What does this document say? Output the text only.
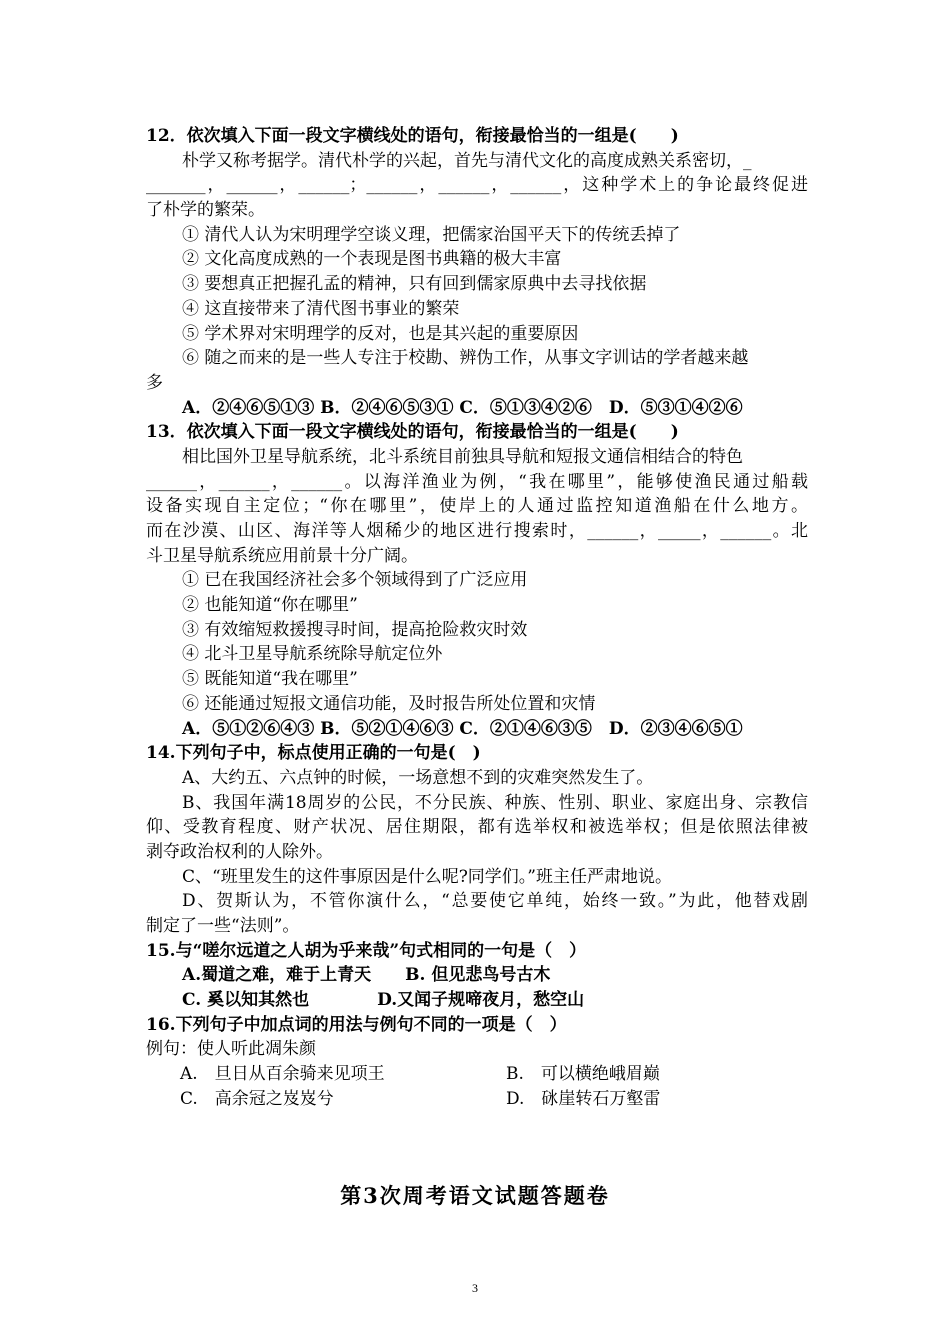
12．依次填入下面一段文字横线处的语句，衔接最恰当的一组是(　　)
朴学又称考据学。清代朴学的兴起，首先与清代文化的高度成熟关系密切，_
_______，______，______；______，______，______，这种学术上的争论最终促进
了朴学的繁荣。
① 清代人认为宋明理学空谈义理，把儒家治国平天下的传统丢掉了
② 文化高度成熟的一个表现是图书典籍的极大丰富
③ 要想真正把握孔孟的精神，只有回到儒家原典中去寻找依据
④ 这直接带来了清代图书事业的繁荣
⑤ 学术界对宋明理学的反对，也是其兴起的重要原因
⑥ 随之而来的是一些人专注于校勘、辨伪工作，从事文字训诂的学者越来越
多
A．②④⑥⑤①③ B．②④⑥⑤③① C．⑤①③④②⑥　D．⑤③①④②⑥
13．依次填入下面一段文字横线处的语句，衔接最恰当的一组是(　　)
相比国外卫星导航系统，北斗系统目前独具导航和短报文通信相结合的特色
______，______，______。以海洋渔业为例，“我在哪里”，能够使渔民通过船载
设备实现自主定位；“你在哪里”，使岸上的人通过监控知道渔船在什么地方。
而在沙漠、山区、海洋等人烟稀少的地区进行搜索时，______，_____，______。北
斗卫星导航系统应用前景十分广阔。
① 已在我国经济社会多个领域得到了广泛应用
② 也能知道“你在哪里”
③ 有效缩短救援搜寻时间，提高抢险救灾时效
④ 北斗卫星导航系统除导航定位外
⑤ 既能知道“我在哪里”
⑥ 还能通过短报文通信功能，及时报告所处位置和灾情
A．⑤①②⑥④③ B．⑤②①④⑥③ C．②①④⑥③⑤　D．②③④⑥⑤①
14.下列句子中，标点使用正确的一句是(　)
A、大约五、六点钟的时候，一场意想不到的灾难突然发生了。
B、我国年满18周岁的公民，不分民族、种族、性别、职业、家庭出身、宗教信
仰、受教育程度、财产状况、居住期限，都有选举权和被选举权；但是依照法律被
剥夺政治权利的人除外。
C、“班里发生的这件事原因是什么呢?同学们。”班主任严肃地说。
D、贺斯认为，不管你演什么，“总要使它单纯，始终一致。”为此，他替戏剧
制定了一些“法则”。
15.与“嗟尔远道之人胡为乎来哉”句式相同的一句是（　）
A.蜀道之难，难于上青天　　B. 但见悲鸟号古木
C. 奚以知其然也　　　　D.又闻子规啼夜月，愁空山
16.下列句子中加点词的用法与例句不同的一项是（　）
例句：使人听此凋朱颜
A.　旦日从百余骑来见项王	B.　可以横绝峨眉巅
C.　高余冠之岌岌兮	D.　砯崖转石万壑雷
第3次周考语文试题答题卷
3
